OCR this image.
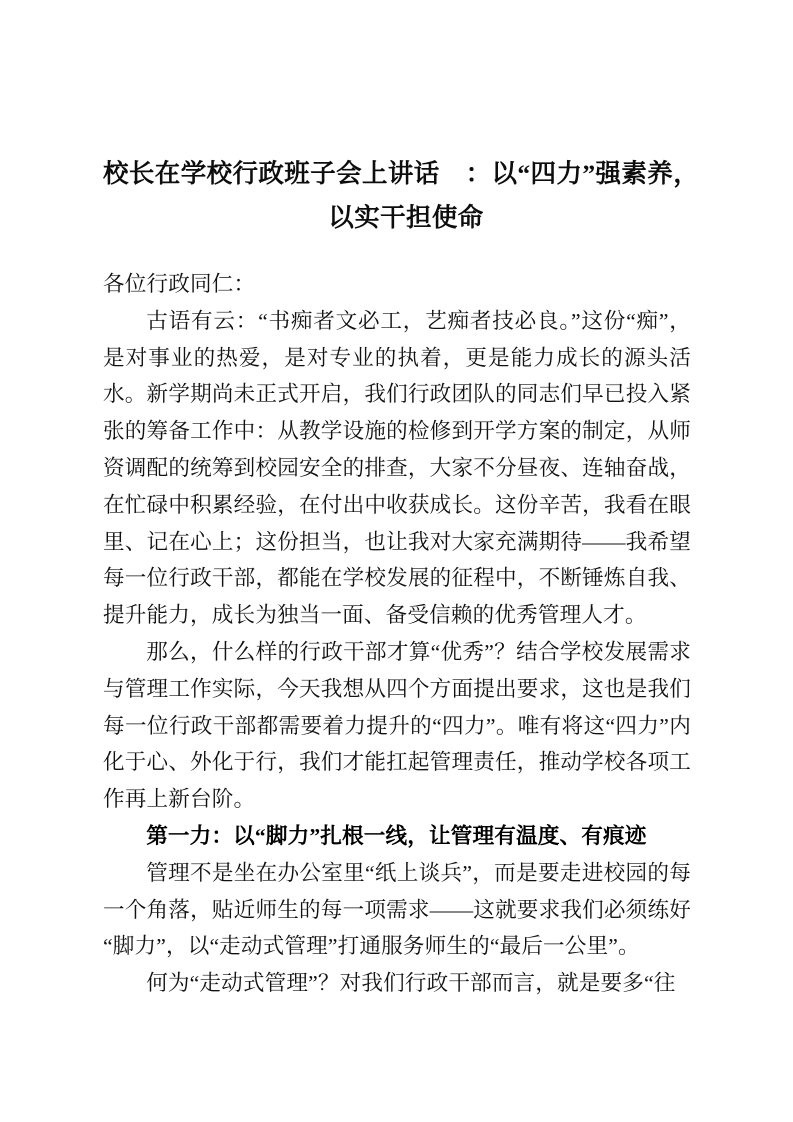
校长在学校行政班子会上讲话　：以“四力”强素养，
以实干担使命

各位行政同仁：

古语有云：“书痴者文必工，艺痴者技必良。”这份“痴”，是对事业的热爱，是对专业的执着，更是能力成长的源头活水。新学期尚未正式开启，我们行政团队的同志们早已投入紧张的筹备工作中：从教学设施的检修到开学方案的制定，从师资调配的统筹到校园安全的排查，大家不分昼夜、连轴奋战，在忙碌中积累经验，在付出中收获成长。这份辛苦，我看在眼里、记在心上；这份担当，也让我对大家充满期待——我希望每一位行政干部，都能在学校发展的征程中，不断锤炼自我、提升能力，成长为独当一面、备受信赖的优秀管理人才。

那么，什么样的行政干部才算“优秀”？结合学校发展需求与管理工作实际，今天我想从四个方面提出要求，这也是我们每一位行政干部都需要着力提升的“四力”。唯有将这“四力”内化于心、外化于行，我们才能扛起管理责任，推动学校各项工作再上新台阶。

第一力：以“脚力”扎根一线，让管理有温度、有痕迹

管理不是坐在办公室里“纸上谈兵”，而是要走进校园的每一个角落，贴近师生的每一项需求——这就要求我们必须练好“脚力”，以“走动式管理”打通服务师生的“最后一公里”。

何为“走动式管理”？对我们行政干部而言，就是要多“往
